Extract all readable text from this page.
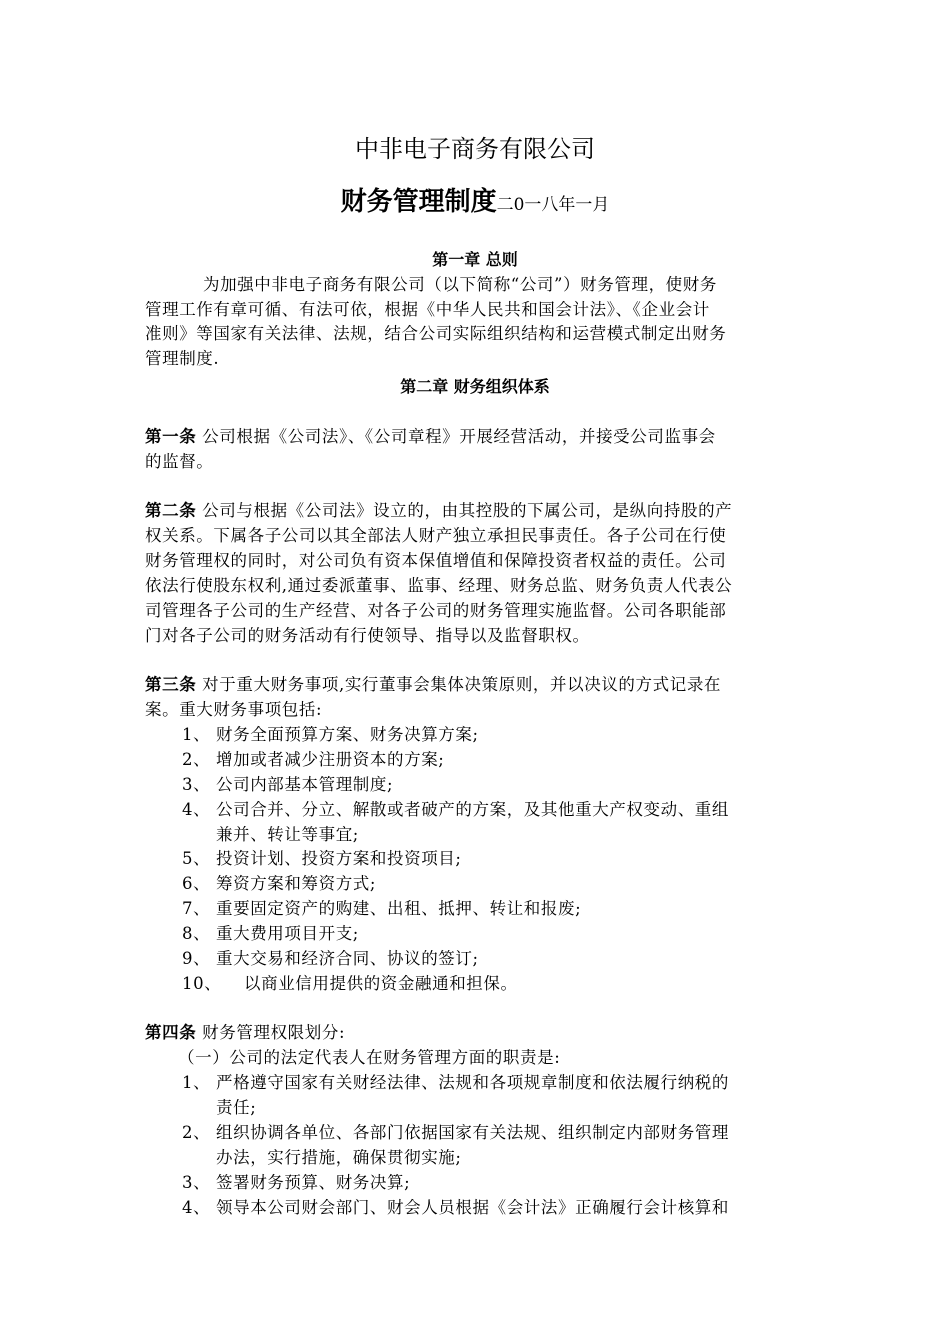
中非电子商务有限公司
财务管理制度二0一八年一月
第一章 总则
为加强中非电子商务有限公司（以下简称“公司”）财务管理，使财务
管理工作有章可循、有法可依，根据《中华人民共和国会计法》、《企业会计
准则》等国家有关法律、法规，结合公司实际组织结构和运营模式制定出财务
管理制度.
第二章 财务组织体系
第一条 公司根据《公司法》、《公司章程》开展经营活动，并接受公司监事会
的监督。
第二条 公司与根据《公司法》设立的，由其控股的下属公司，是纵向持股的产
权关系。下属各子公司以其全部法人财产独立承担民事责任。各子公司在行使
财务管理权的同时，对公司负有资本保值增值和保障投资者权益的责任。公司
依法行使股东权利,通过委派董事、监事、经理、财务总监、财务负责人代表公
司管理各子公司的生产经营、对各子公司的财务管理实施监督。公司各职能部
门对各子公司的财务活动有行使领导、指导以及监督职权。
第三条 对于重大财务事项,实行董事会集体决策原则，并以决议的方式记录在
案。重大财务事项包括:
1、 财务全面预算方案、财务决算方案;
2、 增加或者减少注册资本的方案;
3、 公司内部基本管理制度;
4、 公司合并、分立、解散或者破产的方案，及其他重大产权变动、重组
兼并、转让等事宜;
5、 投资计划、投资方案和投资项目;
6、 筹资方案和筹资方式;
7、 重要固定资产的购建、出租、抵押、转让和报废;
8、 重大费用项目开支;
9、 重大交易和经济合同、协议的签订;
10、 以商业信用提供的资金融通和担保。
第四条 财务管理权限划分:
（一）公司的法定代表人在财务管理方面的职责是:
1、 严格遵守国家有关财经法律、法规和各项规章制度和依法履行纳税的
责任;
2、 组织协调各单位、各部门依据国家有关法规、组织制定内部财务管理
办法，实行措施，确保贯彻实施;
3、 签署财务预算、财务决算;
4、 领导本公司财会部门、财会人员根据《会计法》正确履行会计核算和
